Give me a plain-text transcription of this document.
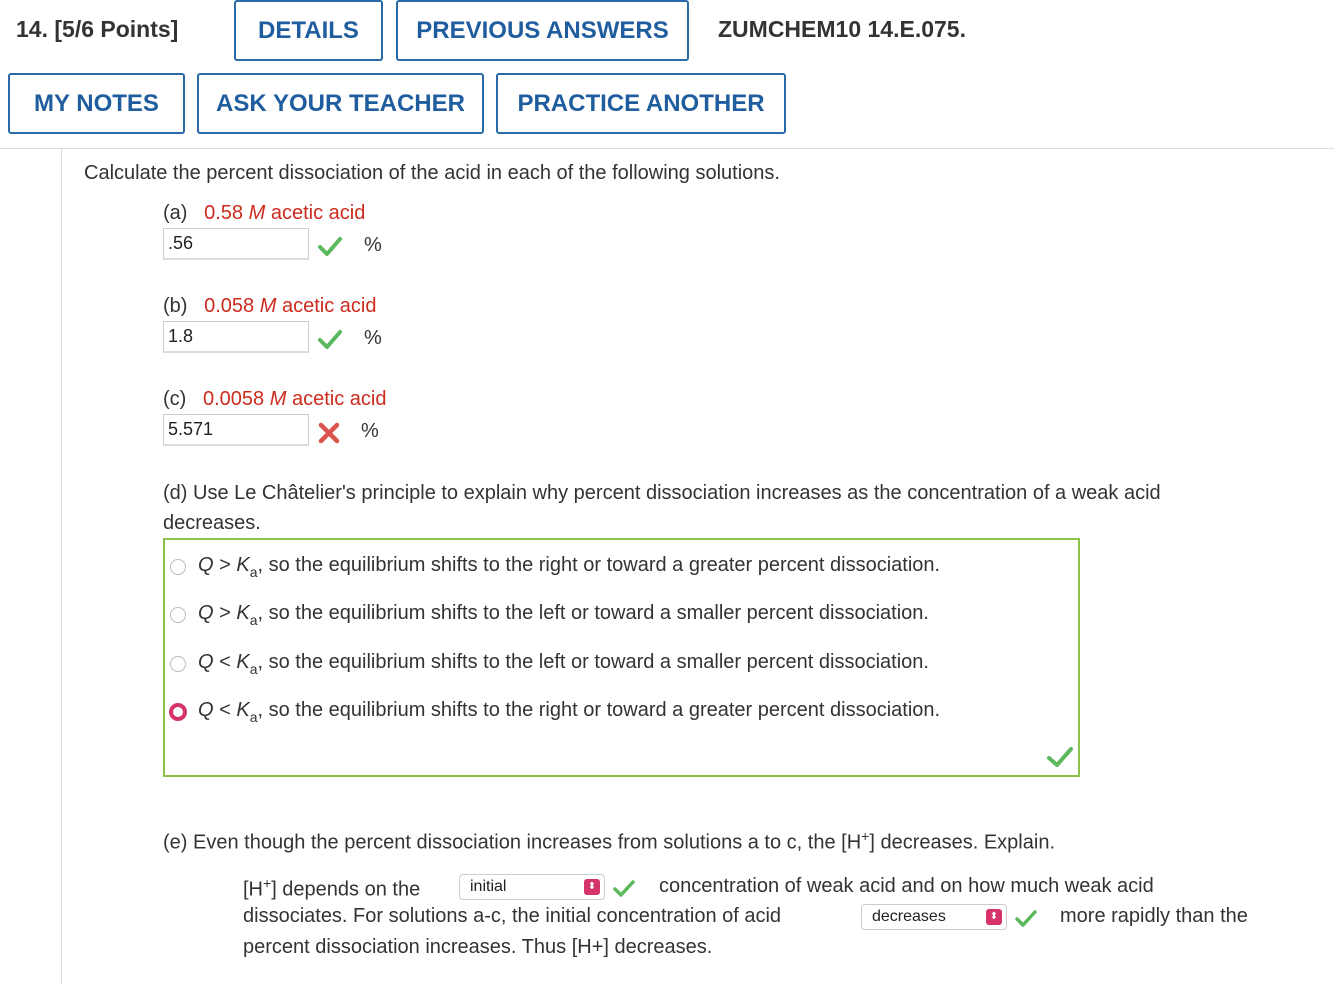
14. [5/6 Points]	DETAILS	PREVIOUS ANSWERS	ZUMCHEM10 14.E.075.
MY NOTES	ASK YOUR TEACHER	PRACTICE ANOTHER
Calculate the percent dissociation of the acid in each of the following solutions.
(a) 0.58 M acetic acid
.56	%
(b) 0.058 M acetic acid
1.8	%
(c) 0.0058 M acetic acid
5.571	%
(d) Use Le Châtelier's principle to explain why percent dissociation increases as the concentration of a weak acid
decreases.
$Q > K_a$, so the equilibrium shifts to the right or toward a greater percent dissociation.
$Q > K_a$, so the equilibrium shifts to the left or toward a smaller percent dissociation.
$Q < K_a$, so the equilibrium shifts to the left or toward a smaller percent dissociation.
$Q < K_a$, so the equilibrium shifts to the right or toward a greater percent dissociation.
(e) Even though the percent dissociation increases from solutions a to c, the [H+] decreases. Explain.
[H+] depends on the	initial	⬍	concentration of weak acid and on how much weak acid
dissociates. For solutions a-c, the initial concentration of acid	decreases	⬍	more rapidly than the
percent dissociation increases. Thus [H+] decreases.
